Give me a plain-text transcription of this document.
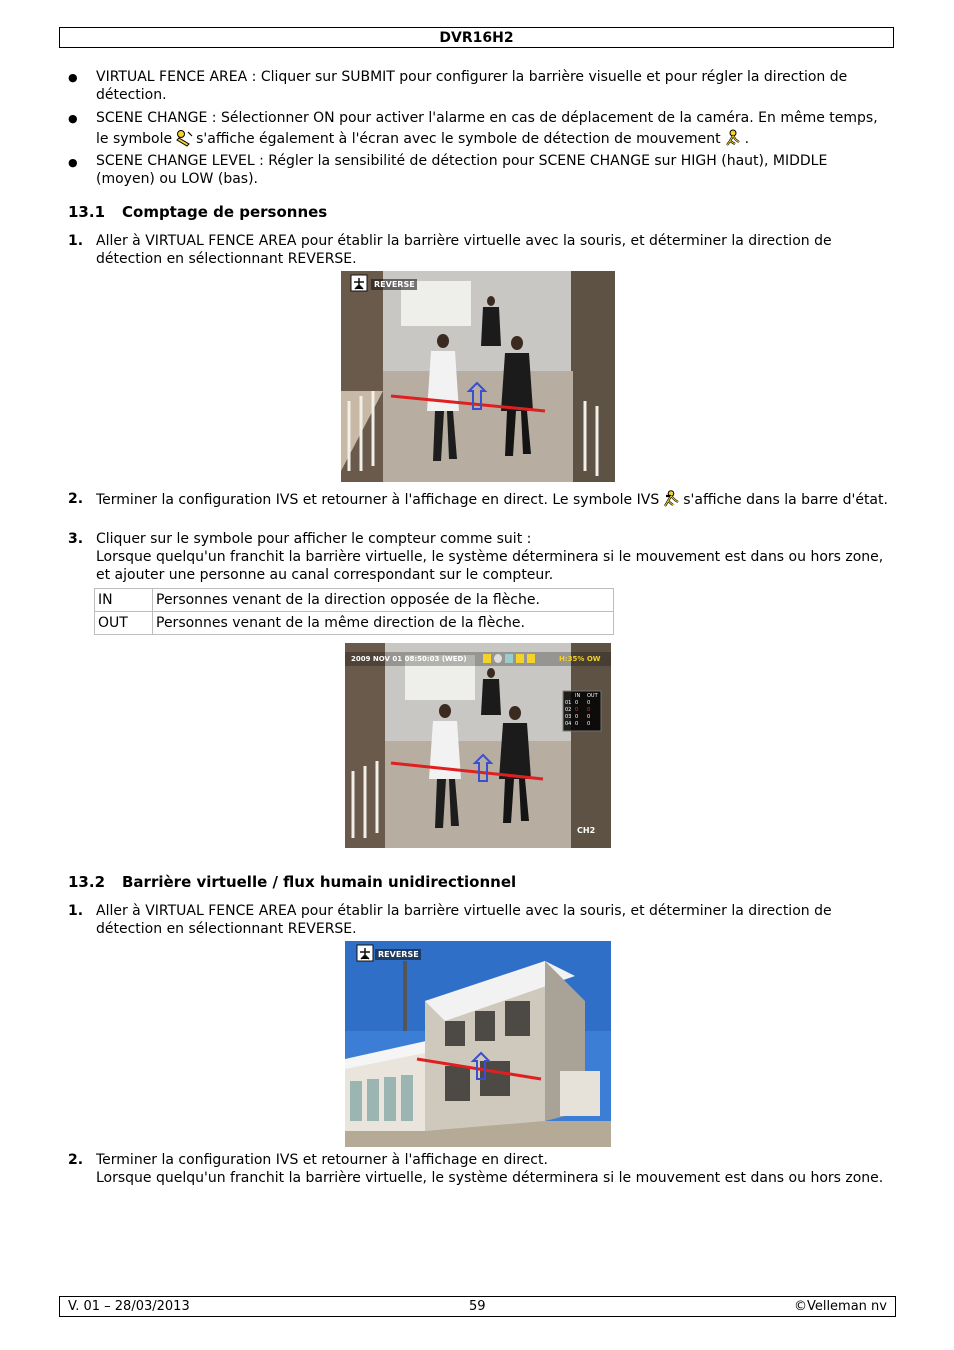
DVR16H2
● VIRTUAL FENCE AREA : Cliquer sur SUBMIT pour configurer la barrière visuelle et pour régler la direction de détection.
● SCENE CHANGE : Sélectionner ON pour activer l'alarme en cas de déplacement de la caméra. En même temps, le symbole s'affiche également à l'écran avec le symbole de détection de mouvement .
● SCENE CHANGE LEVEL : Régler la sensibilité de détection pour SCENE CHANGE sur HIGH (haut), MIDDLE (moyen) ou LOW (bas).
13.1 Comptage de personnes
1. Aller à VIRTUAL FENCE AREA pour établir la barrière virtuelle avec la souris, et déterminer la direction de détection en sélectionnant REVERSE.
REVERSE
2. Terminer la configuration IVS et retourner à l'affichage en direct. Le symbole IVS s'affiche dans la barre d'état.
3. Cliquer sur le symbole pour afficher le compteur comme suit :
Lorsque quelqu'un franchit la barrière virtuelle, le système déterminera si le mouvement est dans ou hors zone, et ajouter une personne au canal correspondant sur le compteur.
IN	Personnes venant de la direction opposée de la flèche.
OUT	Personnes venant de la même direction de la flèche.
2009 NOV 01 08:50:03 (WED)	H:35% OW
IN	OUT
01 0	0
02 0	0
03 0	0
04 0	0
CH2
13.2 Barrière virtuelle / flux humain unidirectionnel
1. Aller à VIRTUAL FENCE AREA pour établir la barrière virtuelle avec la souris, et déterminer la direction de détection en sélectionnant REVERSE.
REVERSE
2. Terminer la configuration IVS et retourner à l'affichage en direct.
Lorsque quelqu'un franchit la barrière virtuelle, le système déterminera si le mouvement est dans ou hors zone.
V. 01 – 28/03/2013	59	©Velleman nv
